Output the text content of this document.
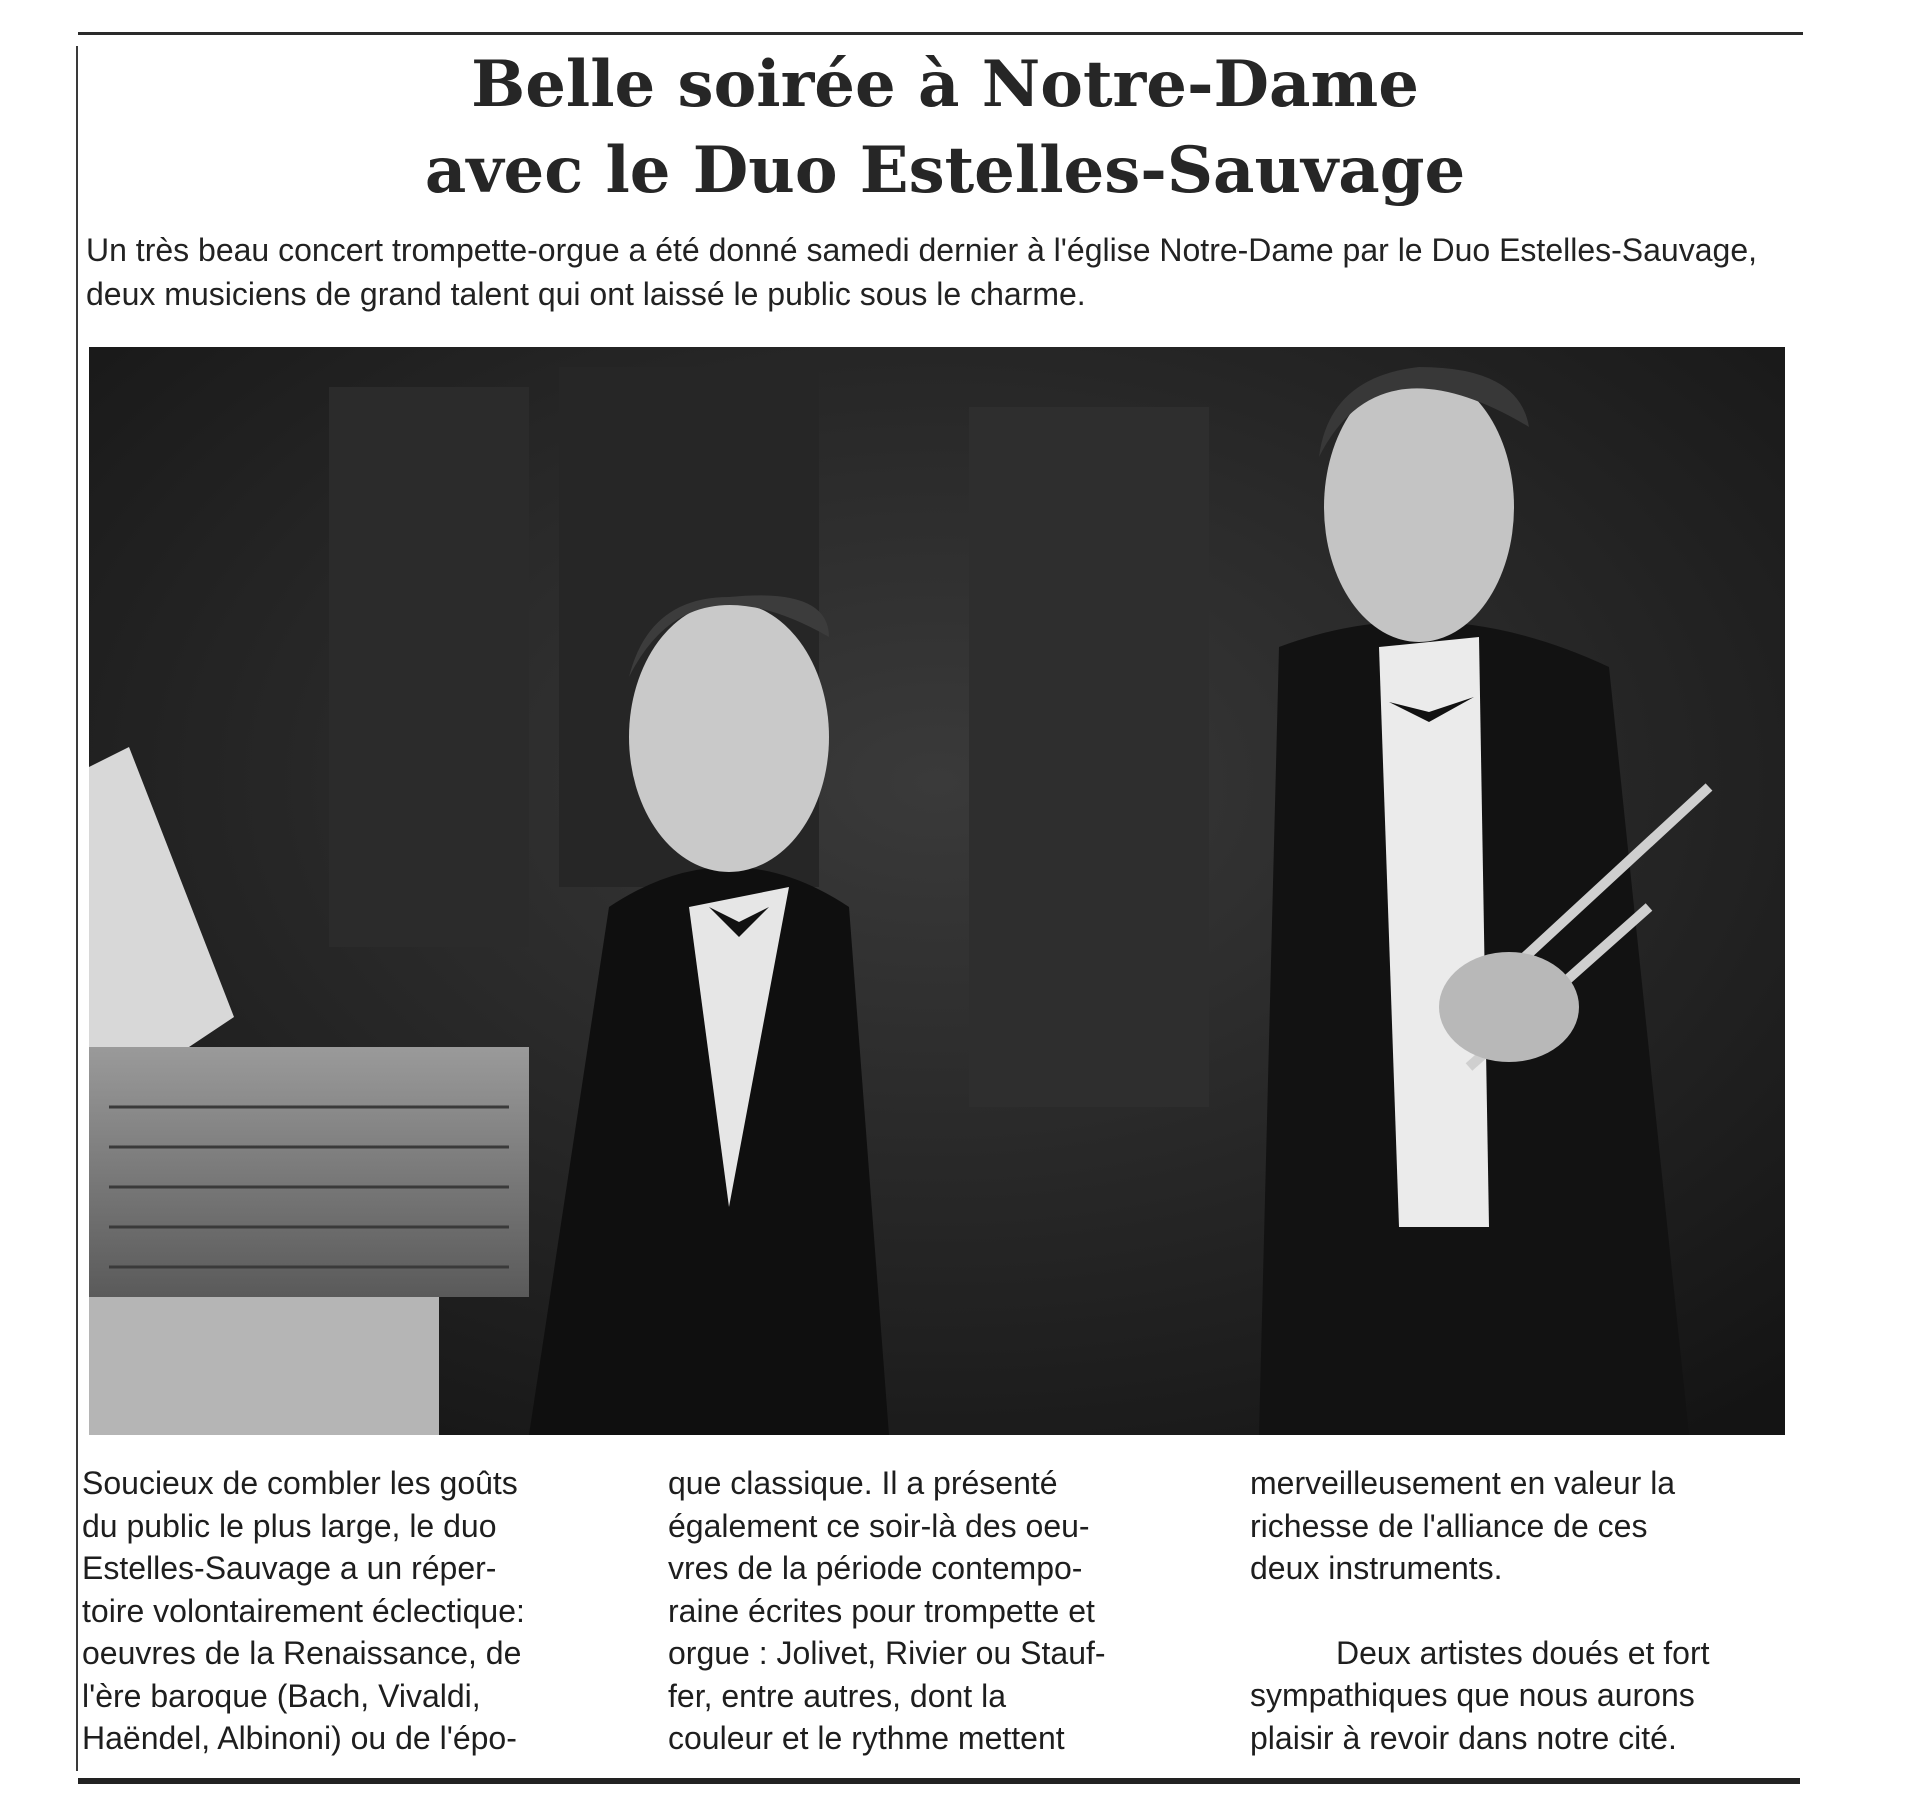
Belle soirée à Notre-Dame
avec le Duo Estelles-Sauvage

Un très beau concert trompette-orgue a été donné samedi dernier à l'église Notre-Dame par le Duo Estelles-Sauvage, deux musiciens de grand talent qui ont laissé le public sous le charme.

Soucieux de combler les goûts
du public le plus large, le duo
Estelles-Sauvage a un réper-
toire volontairement éclectique:
oeuvres de la Renaissance, de
l'ère baroque (Bach, Vivaldi,
Haëndel, Albinoni) ou de l'épo-
que classique. Il a présenté
également ce soir-là des oeu-
vres de la période contempo-
raine écrites pour trompette et
orgue : Jolivet, Rivier ou Stauf-
fer, entre autres, dont la
couleur et le rythme mettent
merveilleusement en valeur la
richesse de l'alliance de ces
deux instruments.
Deux artistes doués et fort
sympathiques que nous aurons
plaisir à revoir dans notre cité.
